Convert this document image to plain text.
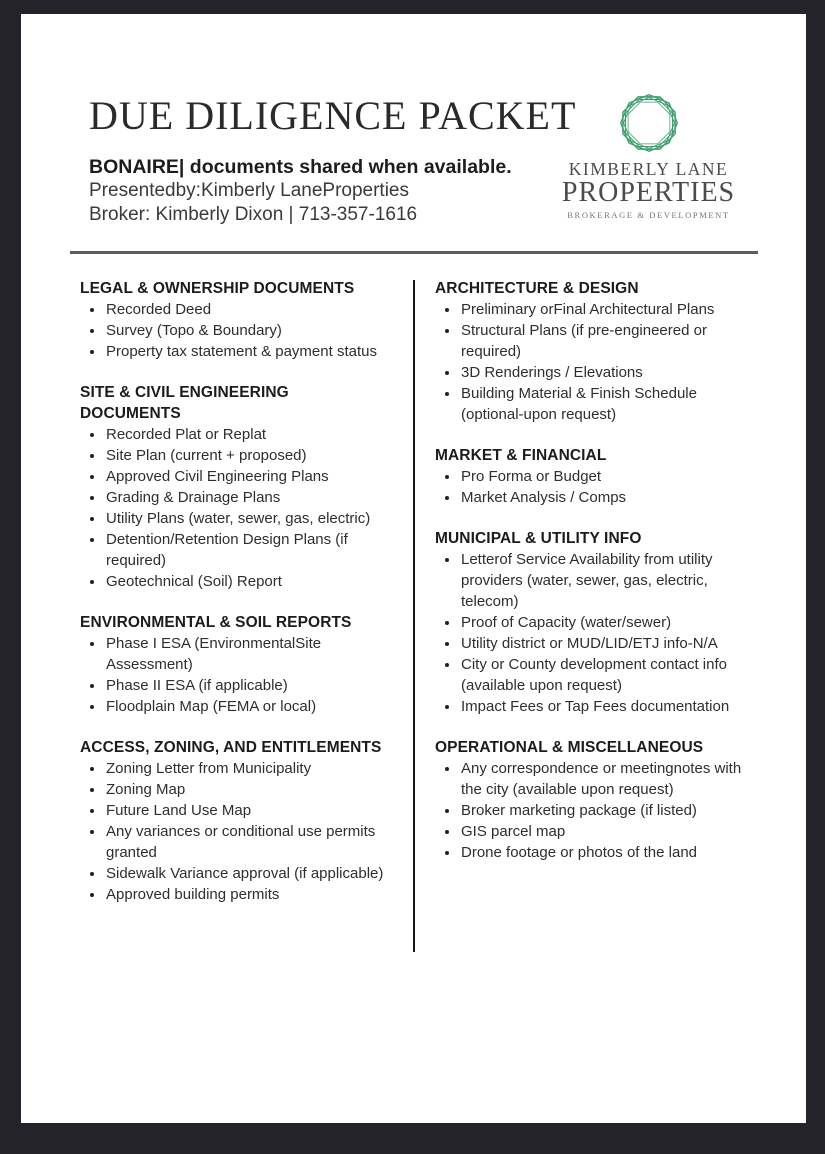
DUE DILIGENCE PACKET
BONAIRE| documents shared when available.
Presentedby:Kimberly LaneProperties
Broker: Kimberly Dixon | 713-357-1616
KIMBERLY LANE
PROPERTIES
BROKERAGE & DEVELOPMENT
LEGAL & OWNERSHIP DOCUMENTS
Recorded Deed
Survey (Topo & Boundary)
Property tax statement & payment status
SITE & CIVIL ENGINEERING DOCUMENTS
Recorded Plat or Replat
Site Plan (current + proposed)
Approved Civil Engineering Plans
Grading & Drainage Plans
Utility Plans (water, sewer, gas, electric)
Detention/Retention Design Plans (if required)
Geotechnical (Soil) Report
ENVIRONMENTAL & SOIL REPORTS
Phase I ESA (EnvironmentalSite Assessment)
Phase II ESA (if applicable)
Floodplain Map (FEMA or local)
ACCESS, ZONING, AND ENTITLEMENTS
Zoning Letter from Municipality
Zoning Map
Future Land Use Map
Any variances or conditional use permits granted
Sidewalk Variance approval (if applicable)
Approved building permits
ARCHITECTURE & DESIGN
Preliminary orFinal Architectural Plans
Structural Plans (if pre-engineered or required)
3D Renderings / Elevations
Building Material & Finish Schedule (optional-upon request)
MARKET & FINANCIAL
Pro Forma or Budget
Market Analysis / Comps
MUNICIPAL & UTILITY INFO
Letterof Service Availability from utility providers (water, sewer, gas, electric, telecom)
Proof of Capacity (water/sewer)
Utility district or MUD/LID/ETJ info-N/A
City or County development contact info (available upon request)
Impact Fees or Tap Fees documentation
OPERATIONAL & MISCELLANEOUS
Any correspondence or meetingnotes with the city (available upon request)
Broker marketing package (if listed)
GIS parcel map
Drone footage or photos of the land
